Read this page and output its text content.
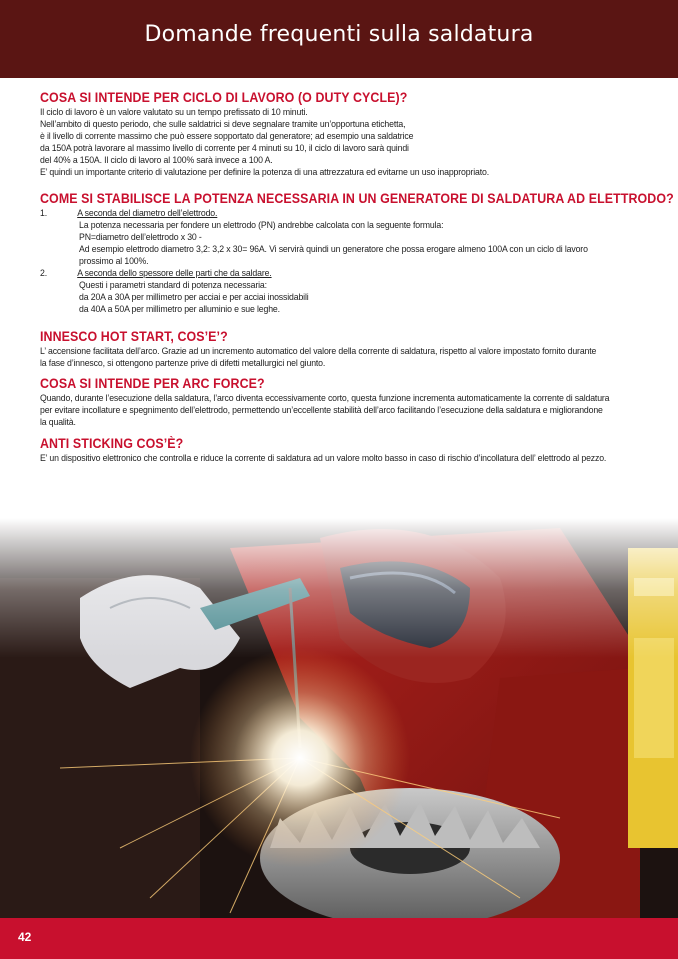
Domande frequenti sulla saldatura
COSA SI INTENDE PER CICLO DI LAVORO (O DUTY CYCLE)?

Il ciclo di lavoro è un valore valutato su un tempo prefissato di 10 minuti.

Nell’ambito di questo periodo, che sulle saldatrici si deve segnalare tramite un’opportuna etichetta,

è il livello di corrente massimo che può essere sopportato dal generatore; ad esempio una saldatrice

da 150A potrà lavorare al massimo livello di corrente per 4 minuti su 10, il ciclo di lavoro sarà quindi

del 40% a 150A. Il ciclo di lavoro al 100% sarà invece a 100 A.

E’ quindi un importante criterio di valutazione per definire la potenza di una attrezzatura ed evitarne un uso inappropriato.

COME SI STABILISCE LA POTENZA NECESSARIA IN UN GENERATORE DI SALDATURA AD ELETTRODO?

1.	A seconda del diametro dell’elettrodo.

La potenza necessaria per fondere un elettrodo (PN) andrebbe calcolata con la seguente formula:

PN=diametro dell’elettrodo x 30 -

Ad esempio elettrodo diametro 3,2: 3,2 x 30= 96A. Vi servirà quindi un generatore che possa erogare almeno 100A con un ciclo di lavoro

prossimo al 100%.

2.	A seconda dello spessore delle parti che da saldare.

Questi i parametri standard di potenza necessaria:

da 20A a 30A per millimetro per acciai e per acciai inossidabili

da 40A a 50A per millimetro per alluminio e sue leghe.

INNESCO HOT START, COS’E’?

L’ accensione facilitata dell’arco. Grazie ad un incremento automatico del valore della corrente di saldatura, rispetto al valore impostato fornito durante

la fase d’innesco, si ottengono partenze prive di difetti metallurgici nel giunto.

COSA SI INTENDE PER ARC FORCE?

Quando, durante l’esecuzione della saldatura, l’arco diventa eccessivamente corto, questa funzione incrementa automaticamente la corrente di saldatura

per evitare incollature e spegnimento dell’elettrodo, permettendo un’eccellente stabilità dell’arco facilitando l’esecuzione della saldatura e migliorandone

la qualità.

ANTI STICKING COS’È?

E’ un dispositivo elettronico che controlla e riduce la corrente di saldatura ad un valore molto basso in caso di rischio d’incollatura dell’ elettrodo al pezzo.

42
